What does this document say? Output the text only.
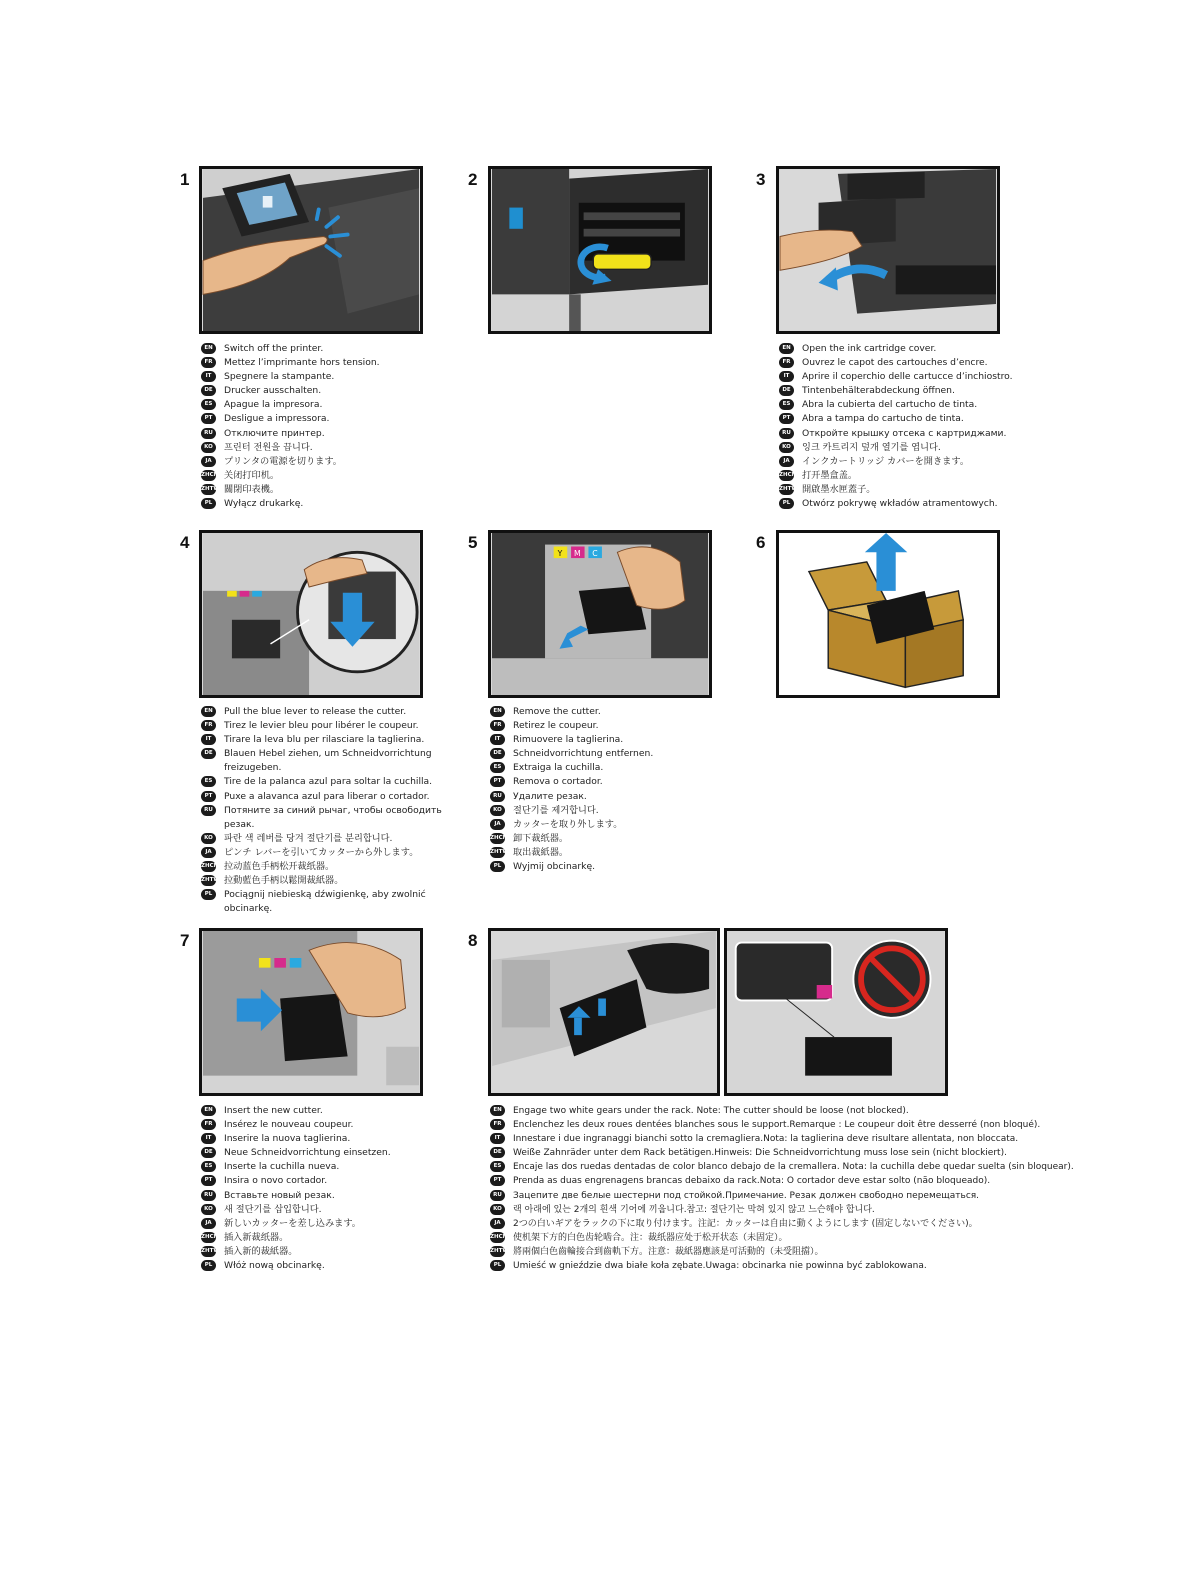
1	2	3
4	5	6
7	8
Y M C
EN	Switch off the printer.
FR	Mettez l’imprimante hors tension.
IT	Spegnere la stampante.
DE	Drucker ausschalten.
ES	Apague la impresora.
PT	Desligue a impressora.
RU	Отключите принтер.
KO	프린터 전원을 끕니다.
JA	プリンタの電源を切ります。
ZHCN 关闭打印机。
ZHTW 關閉印表機。
PL	Wyłącz drukarkę.
EN	Open the ink cartridge cover.
FR	Ouvrez le capot des cartouches d’encre.
IT	Aprire il coperchio delle cartucce d’inchiostro.
DE	Tintenbehälterabdeckung öffnen.
ES	Abra la cubierta del cartucho de tinta.
PT	Abra a tampa do cartucho de tinta.
RU	Откройте крышку отсека с картриджами.
KO	잉크 카트리지 덮개 열기를 엽니다.
JA	インクカートリッジ カバーを開きます。
ZHCN 打开墨盒盖。
ZHTW 開啟墨水匣蓋子。
PL	Otwórz pokrywę wkładów atramentowych.
EN	Pull the blue lever to release the cutter.
FR	Tirez le levier bleu pour libérer le coupeur.
IT	Tirare la leva blu per rilasciare la taglierina.
DE	Blauen Hebel ziehen, um Schneidvorrichtung
freizugeben.
ES	Tire de la palanca azul para soltar la cuchilla.
PT	Puxe a alavanca azul para liberar o cortador.
RU	Потяните за синий рычаг, чтобы освободить
резак.
KO	파란 색 레버를 당겨 절단기를 분리합니다.
JA	ピンチ レバーを引いてカッターから外します。
ZHCN 拉动蓝色手柄松开裁纸器。
ZHTW 拉動藍色手柄以鬆開裁紙器。
PL	Pociągnij niebieską dźwigienkę, aby zwolnić
obcinarkę.
EN	Remove the cutter.
FR	Retirez le coupeur.
IT	Rimuovere la taglierina.
DE	Schneidvorrichtung entfernen.
ES	Extraiga la cuchilla.
PT	Remova o cortador.
RU	Удалите резак.
KO	절단기를 제거합니다.
JA	カッターを取り外します。
ZHCN 卸下裁纸器。
ZHTW 取出裁紙器。
PL	Wyjmij obcinarkę.
EN	Insert the new cutter.
FR	Insérez le nouveau coupeur.
IT	Inserire la nuova taglierina.
DE	Neue Schneidvorrichtung einsetzen.
ES	Inserte la cuchilla nueva.
PT	Insira o novo cortador.
RU	Вставьте новый резак.
KO	새 절단기를 삽입합니다.
JA	新しいカッターを差し込みます。
ZHCN 插入新裁纸器。
ZHTW 插入新的裁紙器。
PL	Włóż nową obcinarkę.
EN	Engage two white gears under the rack. Note: The cutter should be loose (not blocked).
FR	Enclenchez les deux roues dentées blanches sous le support.Remarque : Le coupeur doit être desserré (non bloqué).
IT	Innestare i due ingranaggi bianchi sotto la cremagliera.Nota: la taglierina deve risultare allentata, non bloccata.
DE	Weiße Zahnräder unter dem Rack betätigen.Hinweis: Die Schneidvorrichtung muss lose sein (nicht blockiert).
ES	Encaje las dos ruedas dentadas de color blanco debajo de la cremallera. Nota: la cuchilla debe quedar suelta (sin bloquear).
PT	Prenda as duas engrenagens brancas debaixo da rack.Nota: O cortador deve estar solto (não bloqueado).
RU	Зацепите две белые шестерни под стойкой.Примечание. Резак должен свободно перемещаться.
KO	랙 아래에 있는 2개의 흰색 기어에 끼웁니다.참고: 절단기는 막혀 있지 않고 느슨해야 합니다.
JA	2つの白いギアをラックの下に取り付けます。注記：カッターは自由に動くようにします (固定しないでください)。
ZHCN 使机架下方的白色齿轮啮合。注：裁纸器应处于松开状态（未固定）。
ZHTW 將兩個白色齒輪接合到齒軌下方。注意：裁紙器應該是可活動的（未受阻擋）。
PL	Umieść w gnieździe dwa białe koła zębate.Uwaga: obcinarka nie powinna być zablokowana.
